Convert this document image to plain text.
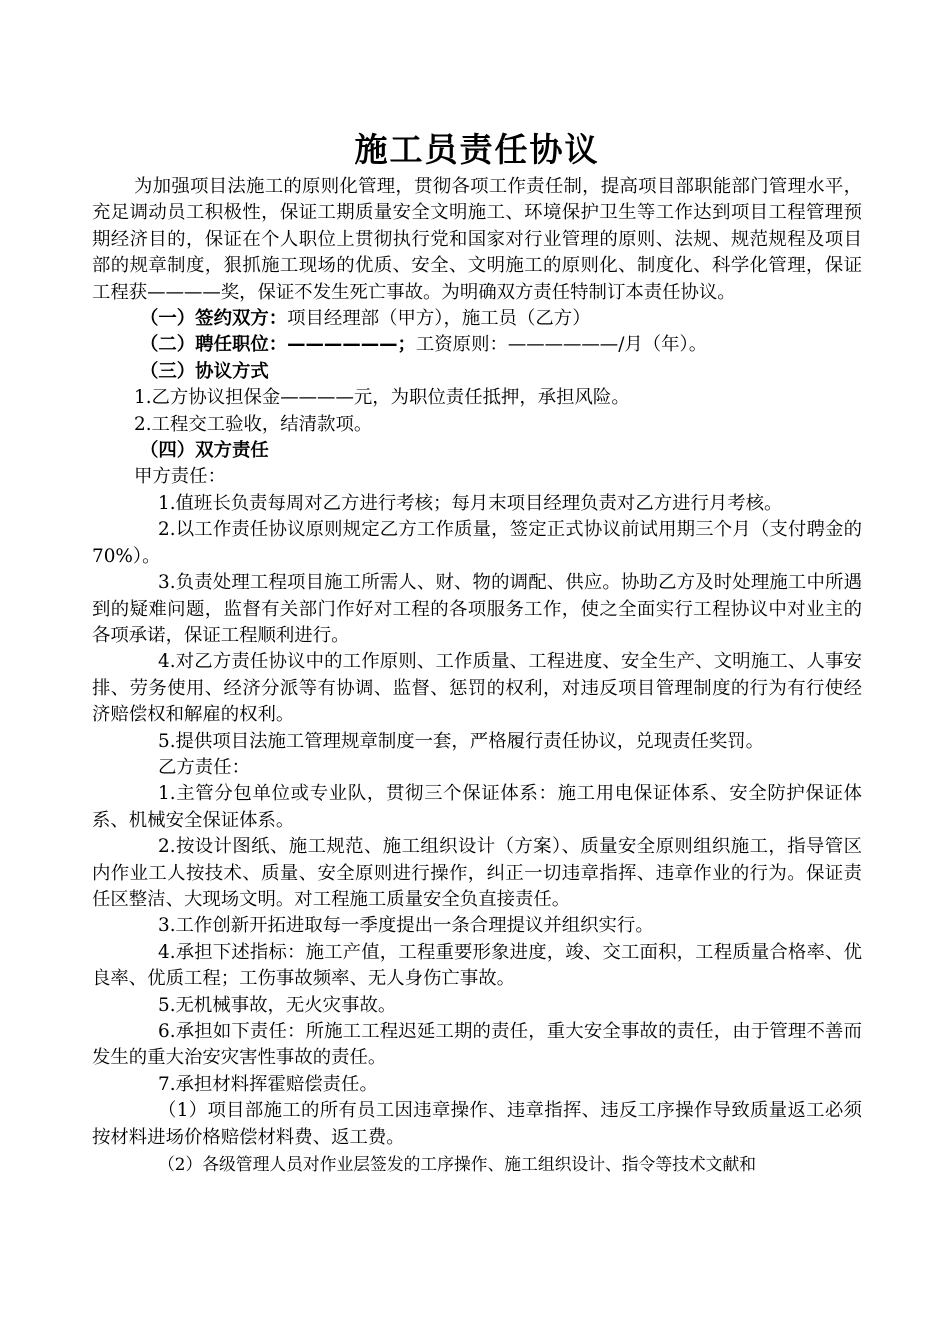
施工员责任协议

为加强项目法施工的原则化管理，贯彻各项工作责任制，提高项目部职能部门管理水平，充足调动员工积极性，保证工期质量安全文明施工、环境保护卫生等工作达到项目工程管理预期经济目的，保证在个人职位上贯彻执行党和国家对行业管理的原则、法规、规范规程及项目部的规章制度，狠抓施工现场的优质、安全、文明施工的原则化、制度化、科学化管理，保证工程获————奖，保证不发生死亡事故。为明确双方责任特制订本责任协议。

（一）签约双方：项目经理部（甲方），施工员（乙方）

（二）聘任职位：——————；工资原则：——————/月（年）。

（三）协议方式

1.乙方协议担保金————元，为职位责任抵押，承担风险。

2.工程交工验收，结清款项。

（四）双方责任

甲方责任：

1.值班长负责每周对乙方进行考核；每月末项目经理负责对乙方进行月考核。

2.以工作责任协议原则规定乙方工作质量，签定正式协议前试用期三个月（支付聘金的70%）。

3.负责处理工程项目施工所需人、财、物的调配、供应。协助乙方及时处理施工中所遇到的疑难问题，监督有关部门作好对工程的各项服务工作，使之全面实行工程协议中对业主的各项承诺，保证工程顺利进行。

4.对乙方责任协议中的工作原则、工作质量、工程进度、安全生产、文明施工、人事安排、劳务使用、经济分派等有协调、监督、惩罚的权利，对违反项目管理制度的行为有行使经济赔偿权和解雇的权利。

5.提供项目法施工管理规章制度一套，严格履行责任协议，兑现责任奖罚。

乙方责任：

1.主管分包单位或专业队，贯彻三个保证体系：施工用电保证体系、安全防护保证体系、机械安全保证体系。

2.按设计图纸、施工规范、施工组织设计（方案）、质量安全原则组织施工，指导管区内作业工人按技术、质量、安全原则进行操作，纠正一切违章指挥、违章作业的行为。保证责任区整洁、大现场文明。对工程施工质量安全负直接责任。

3.工作创新开拓进取每一季度提出一条合理提议并组织实行。

4.承担下述指标：施工产值，工程重要形象进度，竣、交工面积，工程质量合格率、优良率、优质工程；工伤事故频率、无人身伤亡事故。

5.无机械事故，无火灾事故。

6.承担如下责任：所施工工程迟延工期的责任，重大安全事故的责任，由于管理不善而发生的重大治安灾害性事故的责任。

7.承担材料挥霍赔偿责任。

（1）项目部施工的所有员工因违章操作、违章指挥、违反工序操作导致质量返工必须按材料进场价格赔偿材料费、返工费。

（2）各级管理人员对作业层签发的工序操作、施工组织设计、指令等技术文献和
